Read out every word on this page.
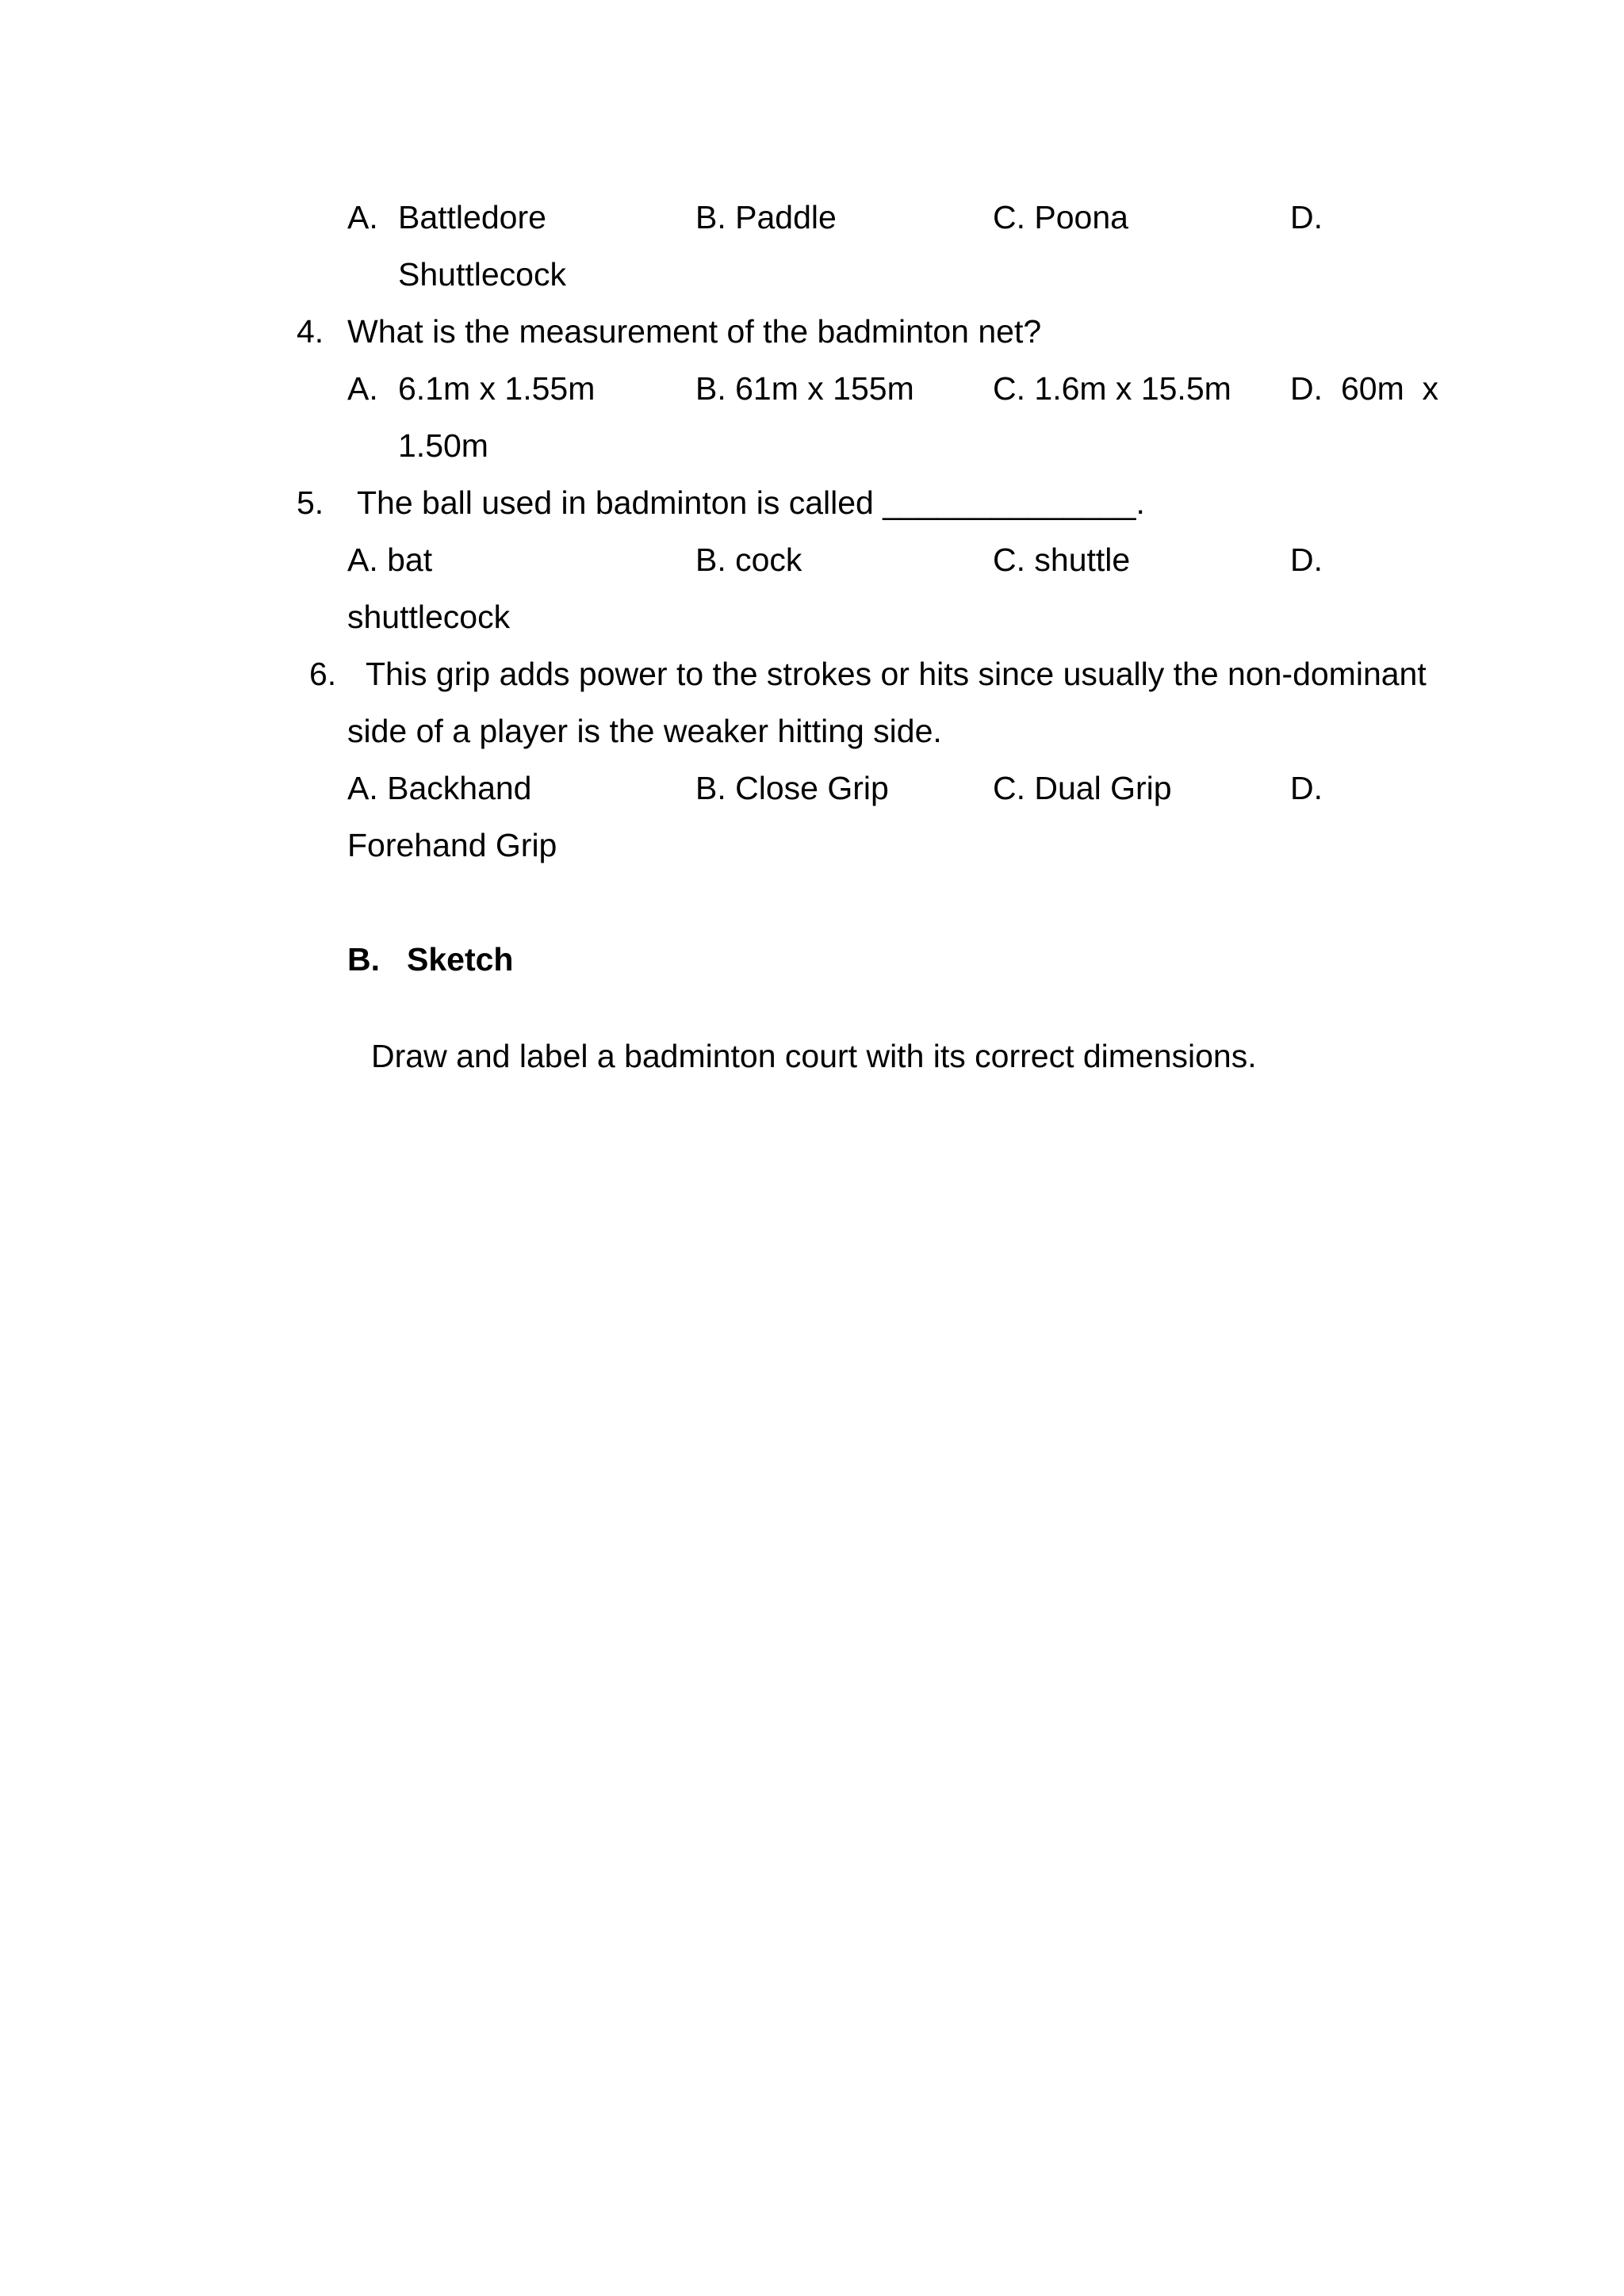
A. Battledore	B. Paddle	C. Poona	D.
Shuttlecock
4. What is the measurement of the badminton net?
A. 6.1m x 1.55m	B. 61m x 155m C. 1.6m x 15.5m D. 60m  x
1.50m
5. The ball used in badminton is called ______________.
A. bat	B. cock	C. shuttle	D.
shuttlecock
6. This grip adds power to the strokes or hits since usually the non-dominant
side of a player is the weaker hitting side.
A. Backhand	B. Close Grip	C. Dual Grip	D.
Forehand Grip
B. Sketch
Draw and label a badminton court with its correct dimensions.
